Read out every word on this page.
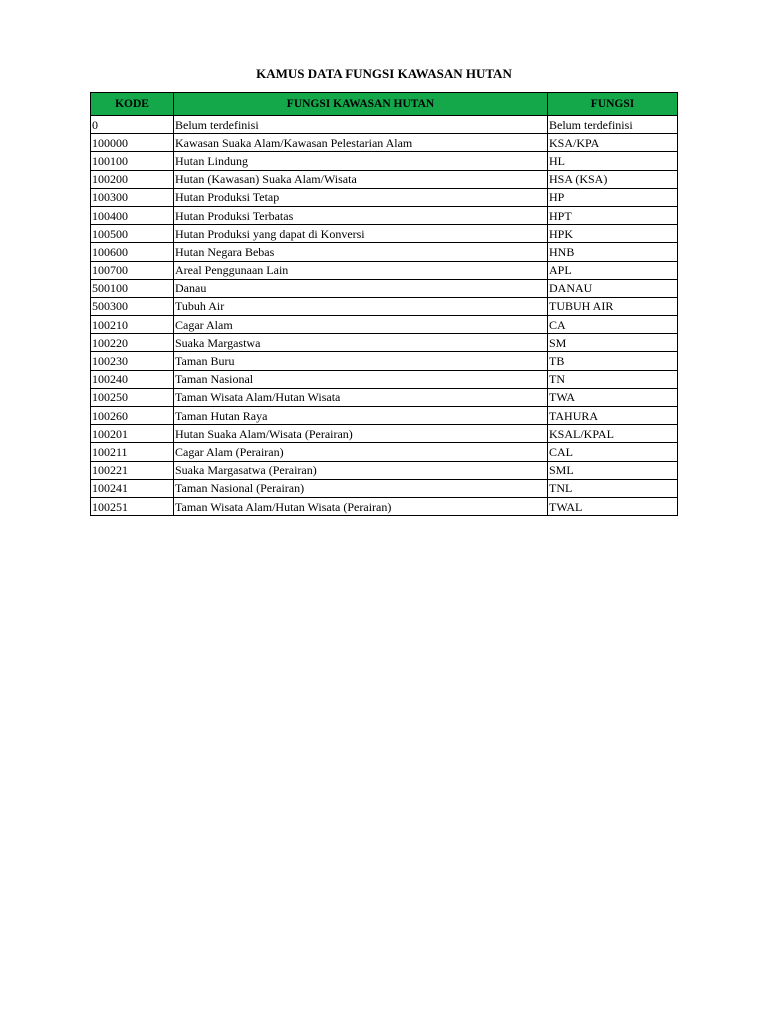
KAMUS DATA FUNGSI KAWASAN HUTAN
KODE	FUNGSI KAWASAN HUTAN	FUNGSI
0	Belum terdefinisi	Belum terdefinisi
100000	Kawasan Suaka Alam/Kawasan Pelestarian Alam	KSA/KPA
100100	Hutan Lindung	HL
100200	Hutan (Kawasan) Suaka Alam/Wisata	HSA (KSA)
100300	Hutan Produksi Tetap	HP
100400	Hutan Produksi Terbatas	HPT
100500	Hutan Produksi yang dapat di Konversi	HPK
100600	Hutan Negara Bebas	HNB
100700	Areal Penggunaan Lain	APL
500100	Danau	DANAU
500300	Tubuh Air	TUBUH AIR
100210	Cagar Alam	CA
100220	Suaka Margastwa	SM
100230	Taman Buru	TB
100240	Taman Nasional	TN
100250	Taman Wisata Alam/Hutan Wisata	TWA
100260	Taman Hutan Raya	TAHURA
100201	Hutan Suaka Alam/Wisata (Perairan)	KSAL/KPAL
100211	Cagar Alam (Perairan)	CAL
100221	Suaka Margasatwa (Perairan)	SML
100241	Taman Nasional (Perairan)	TNL
100251	Taman Wisata Alam/Hutan Wisata (Perairan)	TWAL
